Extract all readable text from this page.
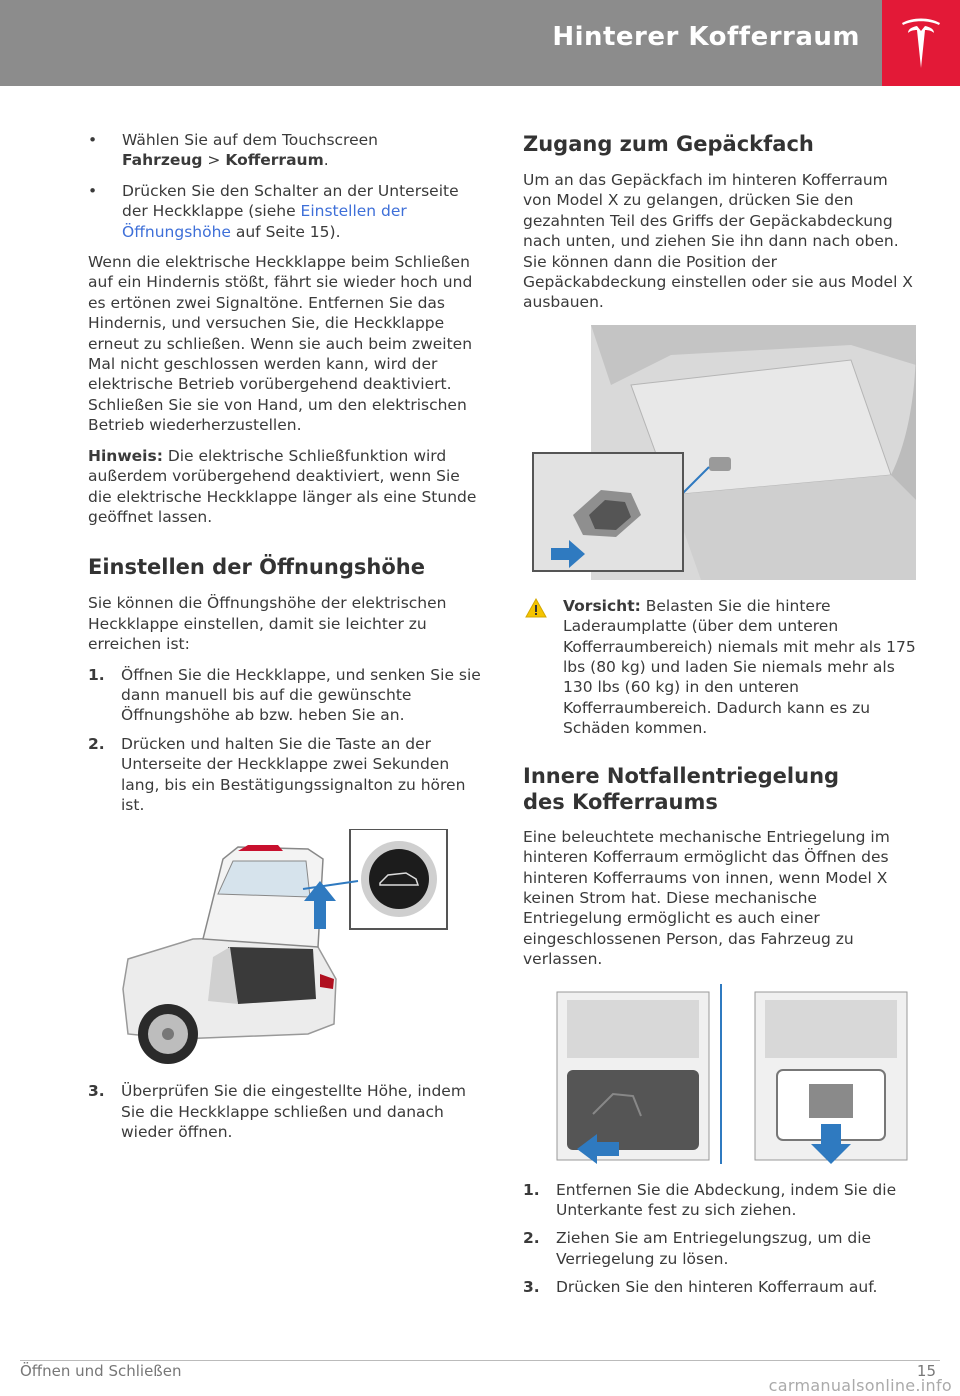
Hinterer Kofferraum
• Wählen Sie auf dem Touchscreen
Fahrzeug > Kofferraum.
• Drücken Sie den Schalter an der Unterseite der Heckklappe (siehe Einstellen der Öffnungshöhe auf Seite 15).

Wenn die elektrische Heckklappe beim Schließen auf ein Hindernis stößt, fährt sie wieder hoch und es ertönen zwei Signaltöne. Entfernen Sie das Hindernis, und versuchen Sie, die Heckklappe erneut zu schließen. Wenn sie auch beim zweiten Mal nicht geschlossen werden kann, wird der elektrische Betrieb vorübergehend deaktiviert. Schließen Sie sie von Hand, um den elektrischen Betrieb wiederherzustellen.

Hinweis: Die elektrische Schließfunktion wird außerdem vorübergehend deaktiviert, wenn Sie die elektrische Heckklappe länger als eine Stunde geöffnet lassen.

Einstellen der Öffnungshöhe

Sie können die Öffnungshöhe der elektrischen Heckklappe einstellen, damit sie leichter zu erreichen ist:

1. Öffnen Sie die Heckklappe, und senken Sie sie dann manuell bis auf die gewünschte Öffnungshöhe ab bzw. heben Sie an.
2. Drücken und halten Sie die Taste an der Unterseite der Heckklappe zwei Sekunden lang, bis ein Bestätigungssignalton zu hören ist.
3. Überprüfen Sie die eingestellte Höhe, indem Sie die Heckklappe schließen und danach wieder öffnen.
Zugang zum Gepäckfach

Um an das Gepäckfach im hinteren Kofferraum von Model X zu gelangen, drücken Sie den gezahnten Teil des Griffs der Gepäckabdeckung nach unten, und ziehen Sie ihn dann nach oben. Sie können dann die Position der Gepäckabdeckung einstellen oder sie aus Model X ausbauen.

Vorsicht: Belasten Sie die hintere Laderaumplatte (über dem unteren Kofferraumbereich) niemals mit mehr als 175 lbs (80 kg) und laden Sie niemals mehr als 130 lbs (60 kg) in den unteren Kofferraumbereich. Dadurch kann es zu Schäden kommen.
Innere Notfallentriegelung des Kofferraums

Eine beleuchtete mechanische Entriegelung im hinteren Kofferraum ermöglicht das Öffnen des hinteren Kofferraums von innen, wenn Model X keinen Strom hat. Diese mechanische Entriegelung ermöglicht es auch einer eingeschlossenen Person, das Fahrzeug zu verlassen.

1. Entfernen Sie die Abdeckung, indem Sie die Unterkante fest zu sich ziehen.
2. Ziehen Sie am Entriegelungszug, um die Verriegelung zu lösen.
3. Drücken Sie den hinteren Kofferraum auf.
Öffnen und Schließen	15
carmanualsonline.info
